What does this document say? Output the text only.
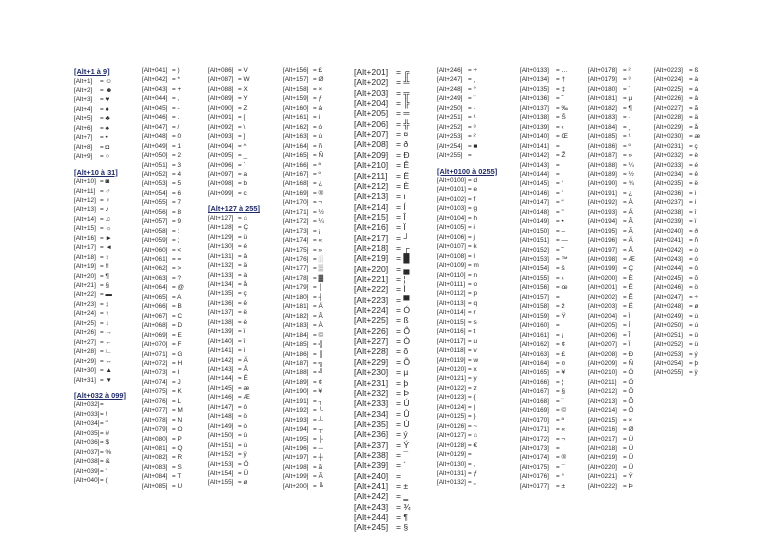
[Alt+1 à 9]
[Alt+1] = ☺
[Alt+2] = ☻
[Alt+3] = ♥
[Alt+4] = ♦
[Alt+5] = ♣
[Alt+6] = ♠
[Alt+7] = •
[Alt+8] = ◘
[Alt+9] = ○
[Alt+10 à 31]
[Alt+10] = ◙
[Alt+11] = ♂
[Alt+12] = ♀
[Alt+13] = ♪
[Alt+14] = ♫
[Alt+15] = ☼
[Alt+16] = ►
[Alt+17] = ◄
[Alt+18] = ↕
[Alt+19] = ‼
[Alt+20] = ¶
[Alt+21] = §
[Alt+22] = ▬
[Alt+23] = ↨
[Alt+24] = ↑
[Alt+25] = ↓
[Alt+26] = →
[Alt+27] = ←
[Alt+28] = ∟
[Alt+29] = ↔
[Alt+30] = ▲
[Alt+31] = ▼
[Alt+032 à 099]
[Alt+032] =
[Alt+033] = !
[Alt+034] = "
[Alt+035] = #
[Alt+036] = $
[Alt+037] = %
[Alt+038] = &
[Alt+039] = '
[Alt+040] = (
[Alt+041] = )
[Alt+042] = *
[Alt+043] = +
[Alt+044] = ,
[Alt+045] = -
[Alt+046] = .
[Alt+047] = /
[Alt+048] = 0
[Alt+049] = 1
[Alt+050] = 2
[Alt+051] = 3
[Alt+052] = 4
[Alt+053] = 5
[Alt+054] = 6
[Alt+055] = 7
[Alt+056] = 8
[Alt+057] = 9
[Alt+058] = :
[Alt+059] = ;
[Alt+060] = <
[Alt+061] = =
[Alt+062] = >
[Alt+063] = ?
[Alt+064] = @
[Alt+065] = A
[Alt+066] = B
[Alt+067] = C
[Alt+068] = D
[Alt+069] = E
[Alt+070] = F
[Alt+071] = G
[Alt+072] = H
[Alt+073] = I
[Alt+074] = J
[Alt+075] = K
[Alt+076] = L
[Alt+077] = M
[Alt+078] = N
[Alt+079] = O
[Alt+080] = P
[Alt+081] = Q
[Alt+082] = R
[Alt+083] = S
[Alt+084] = T
[Alt+085] = U
[Alt+086] = V
[Alt+087] = W
[Alt+088] = X
[Alt+089] = Y
[Alt+090] = Z
[Alt+091] = [
[Alt+092] = \
[Alt+093] = ]
[Alt+094] = ^
[Alt+095] = _
[Alt+096] = `
[Alt+097] = a
[Alt+098] = b
[Alt+099] = c
[Alt+127 à 255]
[Alt+127] = ⌂
[Alt+128] = Ç
[Alt+129] = ü
[Alt+130] = é
[Alt+131] = â
[Alt+132] = ä
[Alt+133] = à
[Alt+134] = å
[Alt+135] = ç
[Alt+136] = ê
[Alt+137] = ë
[Alt+138] = è
[Alt+139] = ï
[Alt+140] = î
[Alt+141] = ì
[Alt+142] = Ä
[Alt+143] = Å
[Alt+144] = É
[Alt+145] = æ
[Alt+146] = Æ
[Alt+147] = ô
[Alt+148] = ö
[Alt+149] = ò
[Alt+150] = û
[Alt+151] = ù
[Alt+152] = ÿ
[Alt+153] = Ö
[Alt+154] = Ü
[Alt+155] = ø
[Alt+156] = £
[Alt+157] = Ø
[Alt+158] = ×
[Alt+159] = ƒ
[Alt+160] = á
[Alt+161] = í
[Alt+162] = ó
[Alt+163] = ú
[Alt+164] = ñ
[Alt+165] = Ñ
[Alt+166] = ª
[Alt+167] = º
[Alt+168] = ¿
[Alt+169] = ®
[Alt+170] = ¬
[Alt+171] = ½
[Alt+172] = ¼
[Alt+173] = ¡
[Alt+174] = «
[Alt+175] = »
[Alt+176] = ░
[Alt+177] = ▒
[Alt+178] = ▓
[Alt+179] = │
[Alt+180] = ┤
[Alt+181] = Á
[Alt+182] = Â
[Alt+183] = À
[Alt+184] = ©
[Alt+185] = ╣
[Alt+186] = ║
[Alt+187] = ╗
[Alt+188] = ╝
[Alt+189] = ¢
[Alt+190] = ¥
[Alt+191] = ┐
[Alt+192] = └
[Alt+193] = ┴
[Alt+194] = ┬
[Alt+195] = ├
[Alt+196] = ─
[Alt+197] = ┼
[Alt+198] = ã
[Alt+199] = Ã
[Alt+200] = ╚
[Alt+201] = ╔
[Alt+202] = ╩
[Alt+203] = ╦
[Alt+204] = ╠
[Alt+205] = ═
[Alt+206] = ╬
[Alt+207] = ¤
[Alt+208] = ð
[Alt+209] = Ð
[Alt+210] = Ê
[Alt+211] = Ë
[Alt+212] = È
[Alt+213] = ı
[Alt+214] = Í
[Alt+215] = Î
[Alt+216] = Ï
[Alt+217] = ┘
[Alt+218] = ┌
[Alt+219] = █
[Alt+220] = ▄
[Alt+221] = ¦
[Alt+222] = Ì
[Alt+223] = ▀
[Alt+224] = Ó
[Alt+225] = ß
[Alt+226] = Ô
[Alt+227] = Ò
[Alt+228] = õ
[Alt+229] = Õ
[Alt+230] = µ
[Alt+231] = þ
[Alt+232] = Þ
[Alt+233] = Ú
[Alt+234] = Û
[Alt+235] = Ù
[Alt+236] = ý
[Alt+237] = Ý
[Alt+238] = ¯
[Alt+239] = ´
[Alt+240] =
[Alt+241] = ±
[Alt+242] = ‗
[Alt+243] = ¾
[Alt+244] = ¶
[Alt+245] = §
[Alt+246] = ÷
[Alt+247] = ¸
[Alt+248] = °
[Alt+249] = ¨
[Alt+250] = ·
[Alt+251] = ¹
[Alt+252] = ³
[Alt+253] = ²
[Alt+254] = ■
[Alt+255] =
[Alt+0100 à 0255]
[Alt+0100] = d
[Alt+0101] = e
[Alt+0102] = f
[Alt+0103] = g
[Alt+0104] = h
[Alt+0105] = i
[Alt+0106] = j
[Alt+0107] = k
[Alt+0108] = l
[Alt+0109] = m
[Alt+0110] = n
[Alt+0111] = o
[Alt+0112] = p
[Alt+0113] = q
[Alt+0114] = r
[Alt+0115] = s
[Alt+0116] = t
[Alt+0117] = u
[Alt+0118] = v
[Alt+0119] = w
[Alt+0120] = x
[Alt+0121] = y
[Alt+0122] = z
[Alt+0123] = {
[Alt+0124] = |
[Alt+0125] = }
[Alt+0126] = ~
[Alt+0127] = ⌂
[Alt+0128] = €
[Alt+0129] =
[Alt+0130] = ‚
[Alt+0131] = ƒ
[Alt+0132] = „
[Alt+0133] = …
[Alt+0134] = †
[Alt+0135] = ‡
[Alt+0136] = ˆ
[Alt+0137] = ‰
[Alt+0138] = Š
[Alt+0139] = ‹
[Alt+0140] = Œ
[Alt+0141] =
[Alt+0142] = Ž
[Alt+0143] =
[Alt+0144] =
[Alt+0145] = ‘
[Alt+0146] = ’
[Alt+0147] = “
[Alt+0148] = ”
[Alt+0149] = •
[Alt+0150] = –
[Alt+0151] = —
[Alt+0152] = ˜
[Alt+0153] = ™
[Alt+0154] = š
[Alt+0155] = ›
[Alt+0156] = œ
[Alt+0157] =
[Alt+0158] = ž
[Alt+0159] = Ÿ
[Alt+0160] =
[Alt+0161] = ¡
[Alt+0162] = ¢
[Alt+0163] = £
[Alt+0164] = ¤
[Alt+0165] = ¥
[Alt+0166] = ¦
[Alt+0167] = §
[Alt+0168] = ¨
[Alt+0169] = ©
[Alt+0170] = ª
[Alt+0171] = «
[Alt+0172] = ¬
[Alt+0173] =
[Alt+0174] = ®
[Alt+0175] = ¯
[Alt+0176] = °
[Alt+0177] = ±
[Alt+0178] = ²
[Alt+0179] = ³
[Alt+0180] = ´
[Alt+0181] = µ
[Alt+0182] = ¶
[Alt+0183] = ·
[Alt+0184] = ¸
[Alt+0185] = ¹
[Alt+0186] = º
[Alt+0187] = »
[Alt+0188] = ¼
[Alt+0189] = ½
[Alt+0190] = ¾
[Alt+0191] = ¿
[Alt+0192] = À
[Alt+0193] = Á
[Alt+0194] = Â
[Alt+0195] = Ã
[Alt+0196] = Ä
[Alt+0197] = Å
[Alt+0198] = Æ
[Alt+0199] = Ç
[Alt+0200] = È
[Alt+0201] = É
[Alt+0202] = Ê
[Alt+0203] = Ë
[Alt+0204] = Ì
[Alt+0205] = Í
[Alt+0206] = Î
[Alt+0207] = Ï
[Alt+0208] = Ð
[Alt+0209] = Ñ
[Alt+0210] = Ò
[Alt+0211] = Ó
[Alt+0212] = Ô
[Alt+0213] = Õ
[Alt+0214] = Ö
[Alt+0215] = ×
[Alt+0216] = Ø
[Alt+0217] = Ù
[Alt+0218] = Ú
[Alt+0219] = Û
[Alt+0220] = Ü
[Alt+0221] = Ý
[Alt+0222] = Þ
[Alt+0223] = ß
[Alt+0224] = à
[Alt+0225] = á
[Alt+0226] = â
[Alt+0227] = ã
[Alt+0228] = ä
[Alt+0229] = å
[Alt+0230] = æ
[Alt+0231] = ç
[Alt+0232] = è
[Alt+0233] = é
[Alt+0234] = ê
[Alt+0235] = ë
[Alt+0236] = ì
[Alt+0237] = í
[Alt+0238] = î
[Alt+0239] = ï
[Alt+0240] = ð
[Alt+0241] = ñ
[Alt+0242] = ò
[Alt+0243] = ó
[Alt+0244] = ô
[Alt+0245] = õ
[Alt+0246] = ö
[Alt+0247] = ÷
[Alt+0248] = ø
[Alt+0249] = ù
[Alt+0250] = ú
[Alt+0251] = û
[Alt+0252] = ü
[Alt+0253] = ý
[Alt+0254] = þ
[Alt+0255] = ÿ
